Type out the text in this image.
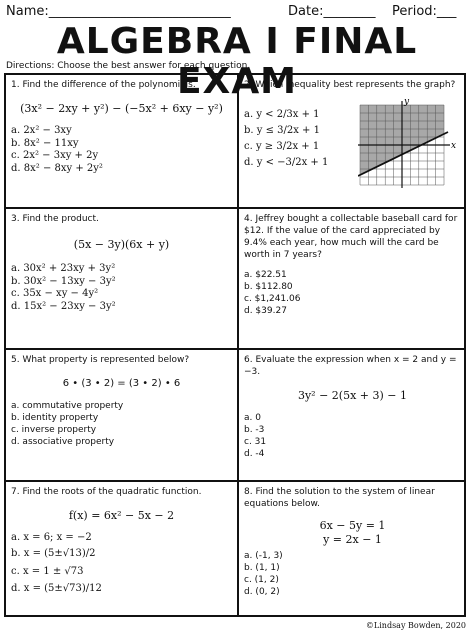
Name:____________________________	Date:________ Period:___
ALGEBRA I FINAL EXAM
Directions: Choose the best answer for each question.

1. Find the difference of the polynomials.

(3x² − 2xy + y²) − (−5x² + 6xy − y²)
a. 2x² − 3xy
b. 8x² − 11xy
c. 2x² − 3xy + 2y
d. 8x² − 8xy + 2y²

2. Which inequality best represents the graph?

a. y < 2/3x + 1
b. y ≤ 3/2x + 1
c. y ≥ 3/2x + 1
d. y < −3/2x + 1
y
x

3. Find the product.

(5x − 3y)(6x + y)
a. 30x² + 23xy + 3y²
b. 30x² − 13xy − 3y²
c. 35x − xy − 4y²
d. 15x² − 23xy − 3y²

4. Jeffrey bought a collectable baseball card for $12. If the value of the card appreciated by 9.4% each year, how much will the card be worth in 7 years?

a. $22.51
b. $112.80
c. $1,241.06
d. $39.27

5. What property is represented below?

6 • (3 • 2) = (3 • 2) • 6
a. commutative property
b. identity property
c. inverse property
d. associative property

6. Evaluate the expression when x = 2 and y = −3.

3y² − 2(5x + 3) − 1
a. 0
b. -3
c. 31
d. -4

7. Find the roots of the quadratic function.

f(x) = 6x² − 5x − 2
a. x = 6; x = −2
b. x = (5±√13)/2
c. x = 1 ± √73
d. x = (5±√73)/12

8. Find the solution to the system of linear equations below.

6x − 5y = 1
y = 2x − 1
a. (-1, 3)
b. (1, 1)
c. (1, 2)
d. (0, 2)
©Lindsay Bowden, 2020
